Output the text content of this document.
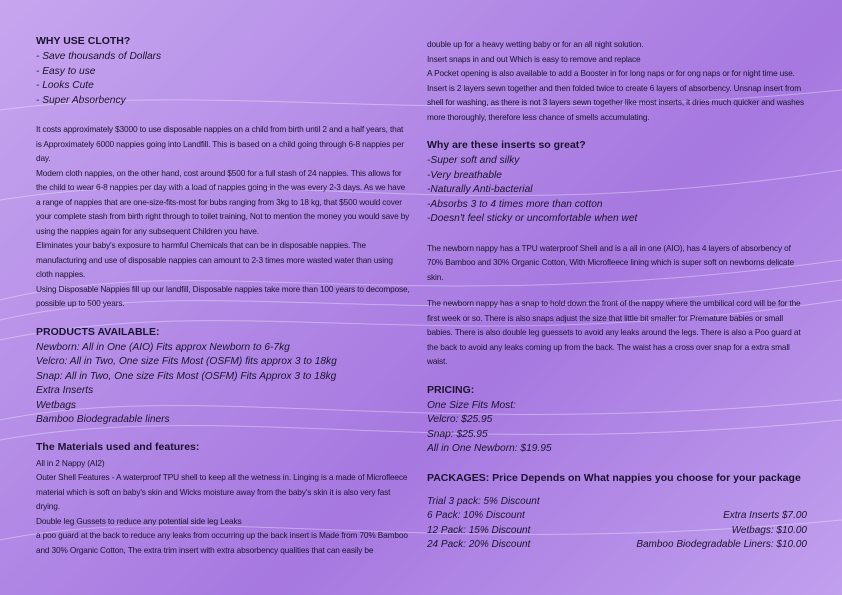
WHY USE CLOTH?
- Save thousands of Dollars
- Easy to use
- Looks Cute
- Super Absorbency

It costs approximately $3000 to use disposable nappies on a child from birth until 2 and a half years, that is Approximately 6000 nappies going into Landfill. This is based on a child going through 6-8 nappies per day.

Modern cloth nappies, on the other hand, cost around $500 for a full stash of 24 nappies. This allows for the child to wear 6-8 nappies per day with a load of nappies going in the was every 2-3 days. As we have a range of nappies that are one-size-fits-most for bubs ranging from 3kg to 18 kg, that $500 would cover your complete stash from birth right through to toilet training, Not to mention the money you would save by using the nappies again for any subsequent Children you have.

Eliminates your baby's exposure to harmful Chemicals that can be in disposable nappies. The manufacturing and use of disposable nappies can amount to 2-3 times more wasted water than using cloth nappies.

Using Disposable Nappies fill up our landfill, Disposable nappies take more than 100 years to decompose, possible up to 500 years.

PRODUCTS AVAILABLE:
Newborn: All in One (AIO) Fits approx Newborn to 6-7kg
Velcro: All in Two, One size Fits Most (OSFM) fits approx 3 to 18kg
Snap: All in Two, One size Fits Most (OSFM) Fits Approx 3 to 18kg
Extra Inserts
Wetbags
Bamboo Biodegradable liners
The Materials used and features:

All in 2 Nappy (AI2)

Outer Shell Features - A waterproof TPU shell to keep all the wetness in. Linging is a made of Microfleece material which is soft on baby's skin and Wicks moisture away from the baby's skin it is also very fast drying.

Double leg Gussets to reduce any potential side leg Leaks

a poo guard at the back to reduce any leaks from occurring up the back insert is Made from 70% Bamboo and 30% Organic Cotton, The extra trim insert with extra absorbency qualities that can easily be

double up for a heavy wetting baby or for an all night solution.

Insert snaps in and out Which is easy to remove and replace

A Pocket opening is also available to add a Booster in for long naps or for ong naps or for night time use. Insert is 2 layers sewn together and then folded twice to create 6 layers of absorbency. Unsnap insert from shell for washing, as there is not 3 layers sewn together like most inserts, it dries much quicker and washes more thoroughly, therefore less chance of smells accumulating.

Why are these inserts so great?
-Super soft and silky
-Very breathable
-Naturally Anti-bacterial
-Absorbs 3 to 4 times more than cotton
-Doesn't feel sticky or uncomfortable when wet

The newborn nappy has a TPU waterproof Shell and is a all in one (AIO), has 4 layers of absorbency of 70% Bamboo and 30% Organic Cotton, With Microfleece lining which is super soft on newborns delicate skin.

The newborn nappy has a snap to hold down the front of the nappy where the umbilical cord will be for the first week or so. There is also snaps adjust the size that little bit smaller for Premature babies or small babies. There is also double leg guessets to avoid any leaks around the legs. There is also a Poo guard at the back to avoid any leaks coming up from the back. The waist has a cross over snap for a extra small waist.

PRICING:
One Size Fits Most:
Velcro: $25.95
Snap: $25.95
All in One Newborn: $19.95
PACKAGES: Price Depends on What nappies you choose for your package
Trial 3 pack: 5% Discount
6 Pack: 10% Discount	Extra Inserts $7.00
12 Pack: 15% Discount	Wetbags: $10.00
24 Pack: 20% Discount	Bamboo Biodegradable Liners: $10.00
